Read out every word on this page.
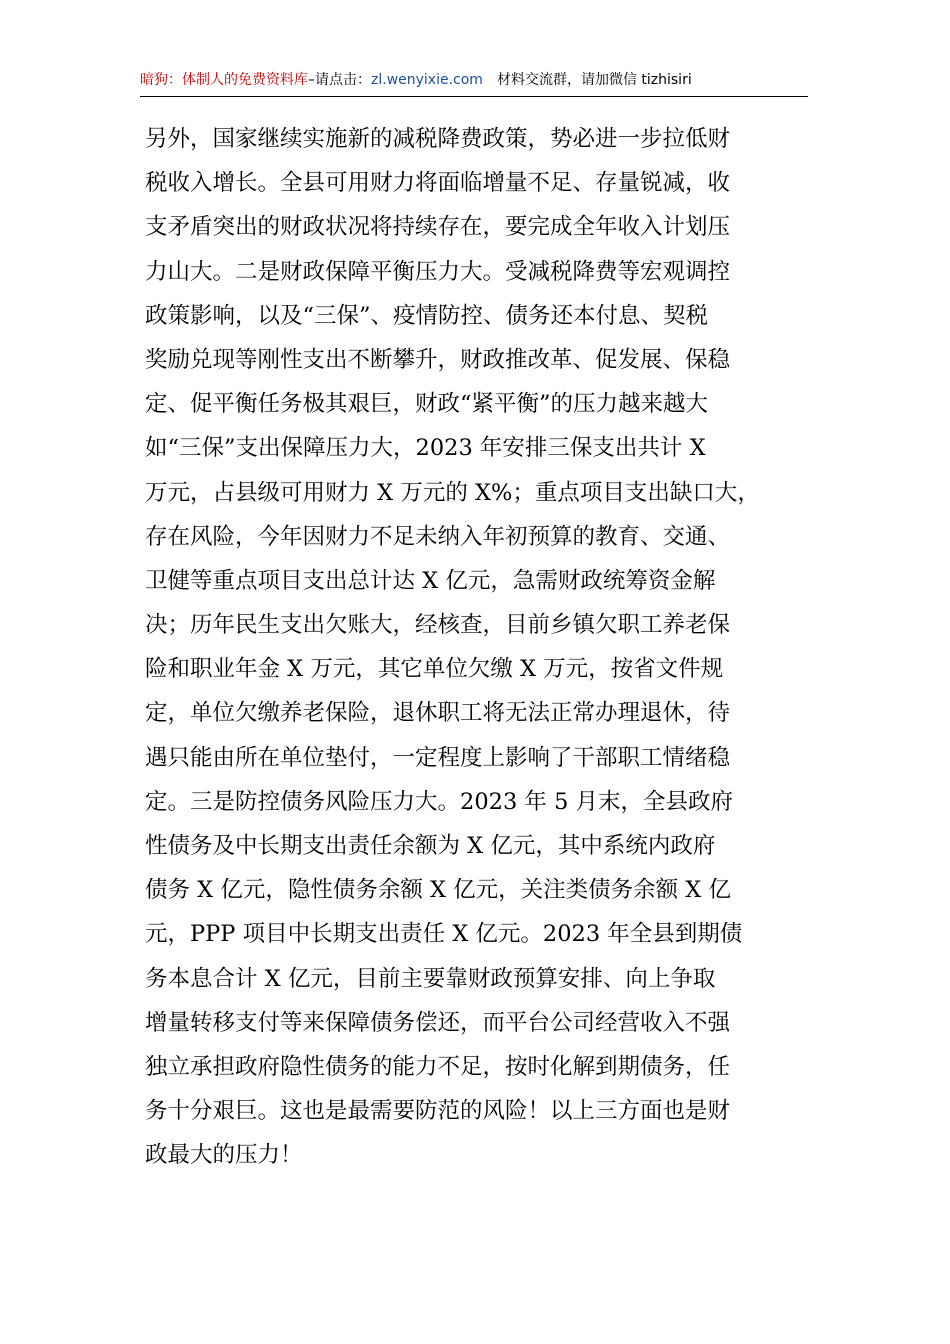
暗狗：体制人的免费资料库–请点击：zl.wenyixie.com 材料交流群，请加微信 tizhisiri
另外，国家继续实施新的减税降费政策，势必进一步拉低财
税收入增长。全县可用财力将面临增量不足、存量锐减，收
支矛盾突出的财政状况将持续存在，要完成全年收入计划压
力山大。二是财政保障平衡压力大。受减税降费等宏观调控
政策影响，以及“三保”、疫情防控、债务还本付息、契税
奖励兑现等刚性支出不断攀升，财政推改革、促发展、保稳
定、促平衡任务极其艰巨，财政“紧平衡”的压力越来越大
如“三保”支出保障压力大，2023 年安排三保支出共计 X
万元，占县级可用财力 X 万元的 X%；重点项目支出缺口大，
存在风险，今年因财力不足未纳入年初预算的教育、交通、
卫健等重点项目支出总计达 X 亿元，急需财政统筹资金解
决；历年民生支出欠账大，经核查，目前乡镇欠职工养老保
险和职业年金 X 万元，其它单位欠缴 X 万元，按省文件规
定，单位欠缴养老保险，退休职工将无法正常办理退休，待
遇只能由所在单位垫付，一定程度上影响了干部职工情绪稳
定。三是防控债务风险压力大。2023 年 5 月末，全县政府
性债务及中长期支出责任余额为 X 亿元，其中系统内政府
债务 X 亿元，隐性债务余额 X 亿元，关注类债务余额 X 亿
元，PPP 项目中长期支出责任 X 亿元。2023 年全县到期债
务本息合计 X 亿元，目前主要靠财政预算安排、向上争取
增量转移支付等来保障债务偿还，而平台公司经营收入不强
独立承担政府隐性债务的能力不足，按时化解到期债务，任
务十分艰巨。这也是最需要防范的风险！以上三方面也是财
政最大的压力！
